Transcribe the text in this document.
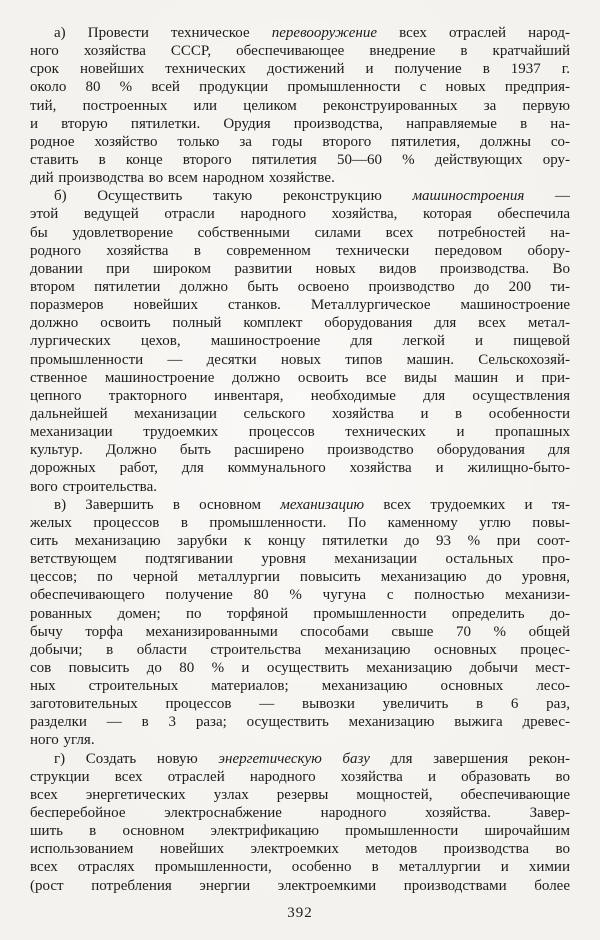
а) Провести техническое перевооружение всех отраслей народ-
ного хозяйства СССР, обеспечивающее внедрение в кратчайший
срок новейших технических достижений и получение в 1937 г.
около 80 % всей продукции промышленности с новых предприя-
тий, построенных или целиком реконструированных за первую
и вторую пятилетки. Орудия производства, направляемые в на-
родное хозяйство только за годы второго пятилетия, должны со-
ставить в конце второго пятилетия 50—60 % действующих ору-
дий производства во всем народном хозяйстве.
б) Осуществить такую реконструкцию машиностроения —
этой ведущей отрасли народного хозяйства, которая обеспечила
бы удовлетворение собственными силами всех потребностей на-
родного хозяйства в современном технически передовом обору-
довании при широком развитии новых видов производства. Во
втором пятилетии должно быть освоено производство до 200 ти-
поразмеров новейших станков. Металлургическое машиностроение
должно освоить полный комплект оборудования для всех метал-
лургических цехов, машиностроение для легкой и пищевой
промышленности — десятки новых типов машин. Сельскохозяй-
ственное машиностроение должно освоить все виды машин и при-
цепного тракторного инвентаря, необходимые для осуществления
дальнейшей механизации сельского хозяйства и в особенности
механизации трудоемких процессов технических и пропашных
культур. Должно быть расширено производство оборудования для
дорожных работ, для коммунального хозяйства и жилищно-быто-
вого строительства.
в) Завершить в основном механизацию всех трудоемких и тя-
желых процессов в промышленности. По каменному углю повы-
сить механизацию зарубки к концу пятилетки до 93 % при соот-
ветствующем подтягивании уровня механизации остальных про-
цессов; по черной металлургии повысить механизацию до уровня,
обеспечивающего получение 80 % чугуна с полностью механизи-
рованных домен; по торфяной промышленности определить до-
бычу торфа механизированными способами свыше 70 % общей
добычи; в области строительства механизацию основных процес-
сов повысить до 80 % и осуществить механизацию добычи мест-
ных строительных материалов; механизацию основных лесо-
заготовительных процессов — вывозки увеличить в 6 раз,
разделки — в 3 раза; осуществить механизацию выжига древес-
ного угля.
г) Создать новую энергетическую базу для завершения рекон-
струкции всех отраслей народного хозяйства и образовать во
всех энергетических узлах резервы мощностей, обеспечивающие
бесперебойное электроснабжение народного хозяйства. Завер-
шить в основном электрификацию промышленности широчайшим
использованием новейших электроемких методов производства во
всех отраслях промышленности, особенно в металлургии и химии
(рост потребления энергии электроемкими производствами более
392
